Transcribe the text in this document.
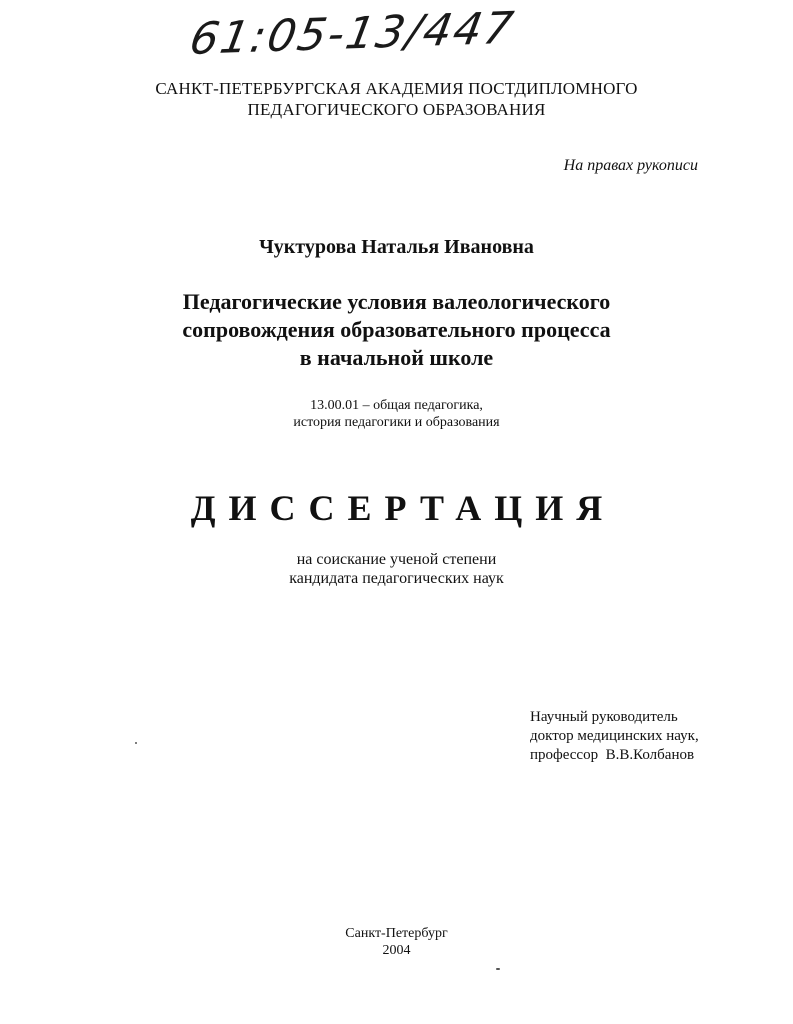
61:05-13/447
САНКТ-ПЕТЕРБУРГСКАЯ АКАДЕМИЯ ПОСТДИПЛОМНОГО
ПЕДАГОГИЧЕСКОГО ОБРАЗОВАНИЯ
На правах рукописи
Чуктурова Наталья Ивановна
Педагогические условия валеологического
сопровождения образовательного процесса
в начальной школе
13.00.01 – общая педагогика,
история педагогики и образования
ДИССЕРТАЦИЯ
на соискание ученой степени
кандидата педагогических наук
Научный руководитель
доктор медицинских наук,
профессор  В.В.Колбанов
Санкт-Петербург
2004
